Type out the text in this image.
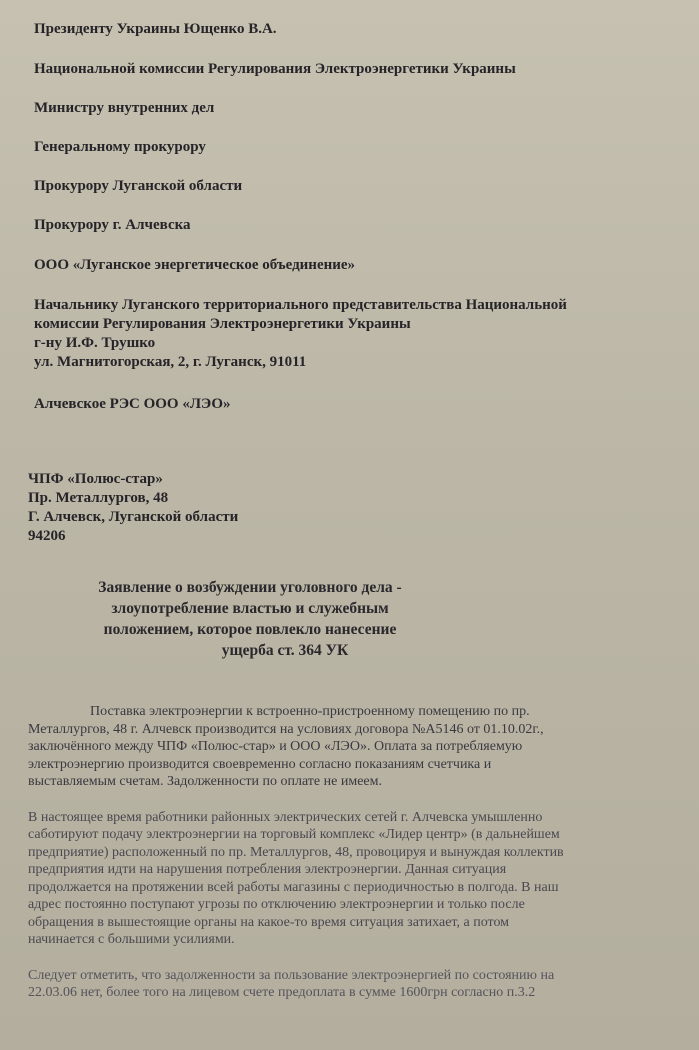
Президенту Украины Ющенко В.А.
Национальной комиссии Регулирования Электроэнергетики Украины
Министру внутренних дел
Генеральному прокурору
Прокурору Луганской области
Прокурору г. Алчевска
ООО «Луганское энергетическое объединение»
Начальнику Луганского территориального представительства Национальной
комиссии Регулирования Электроэнергетики Украины
г-ну И.Ф. Трушко
ул. Магнитогорская, 2, г. Луганск, 91011
Алчевское РЭС ООО «ЛЭО»
ЧПФ «Полюс-стар»
Пр. Металлургов, 48
Г. Алчевск, Луганской области
94206
Заявление о возбуждении уголовного дела -
злоупотребление властью и служебным
положением, которое повлекло нанесение
ущерба ст. 364 УК
Поставка электроэнергии к встроенно-пристроенному помещению по пр.
Металлургов, 48 г. Алчевск производится на условиях договора №А5146 от 01.10.02г.,
заключённого между ЧПФ «Полюс-стар» и ООО «ЛЭО». Оплата за потребляемую
электроэнергию производится своевременно согласно показаниям счетчика и
выставляемым счетам. Задолженности по оплате не имеем.
В настоящее время работники районных электрических сетей г. Алчевска умышленно
саботируют подачу электроэнергии на торговый комплекс «Лидер центр» (в дальнейшем
предприятие) расположенный по пр. Металлургов, 48, провоцируя и вынуждая коллектив
предприятия идти на нарушения потребления электроэнергии. Данная ситуация
продолжается на протяжении всей работы магазины с периодичностью в полгода. В наш
адрес постоянно поступают угрозы по отключению электроэнергии и только после
обращения в вышестоящие органы на какое-то время ситуация затихает, а потом
начинается с большими усилиями.
Следует отметить, что задолженности за пользование электроэнергией по состоянию на
22.03.06 нет, более того на лицевом счете предоплата в сумме 1600грн согласно п.3.2
